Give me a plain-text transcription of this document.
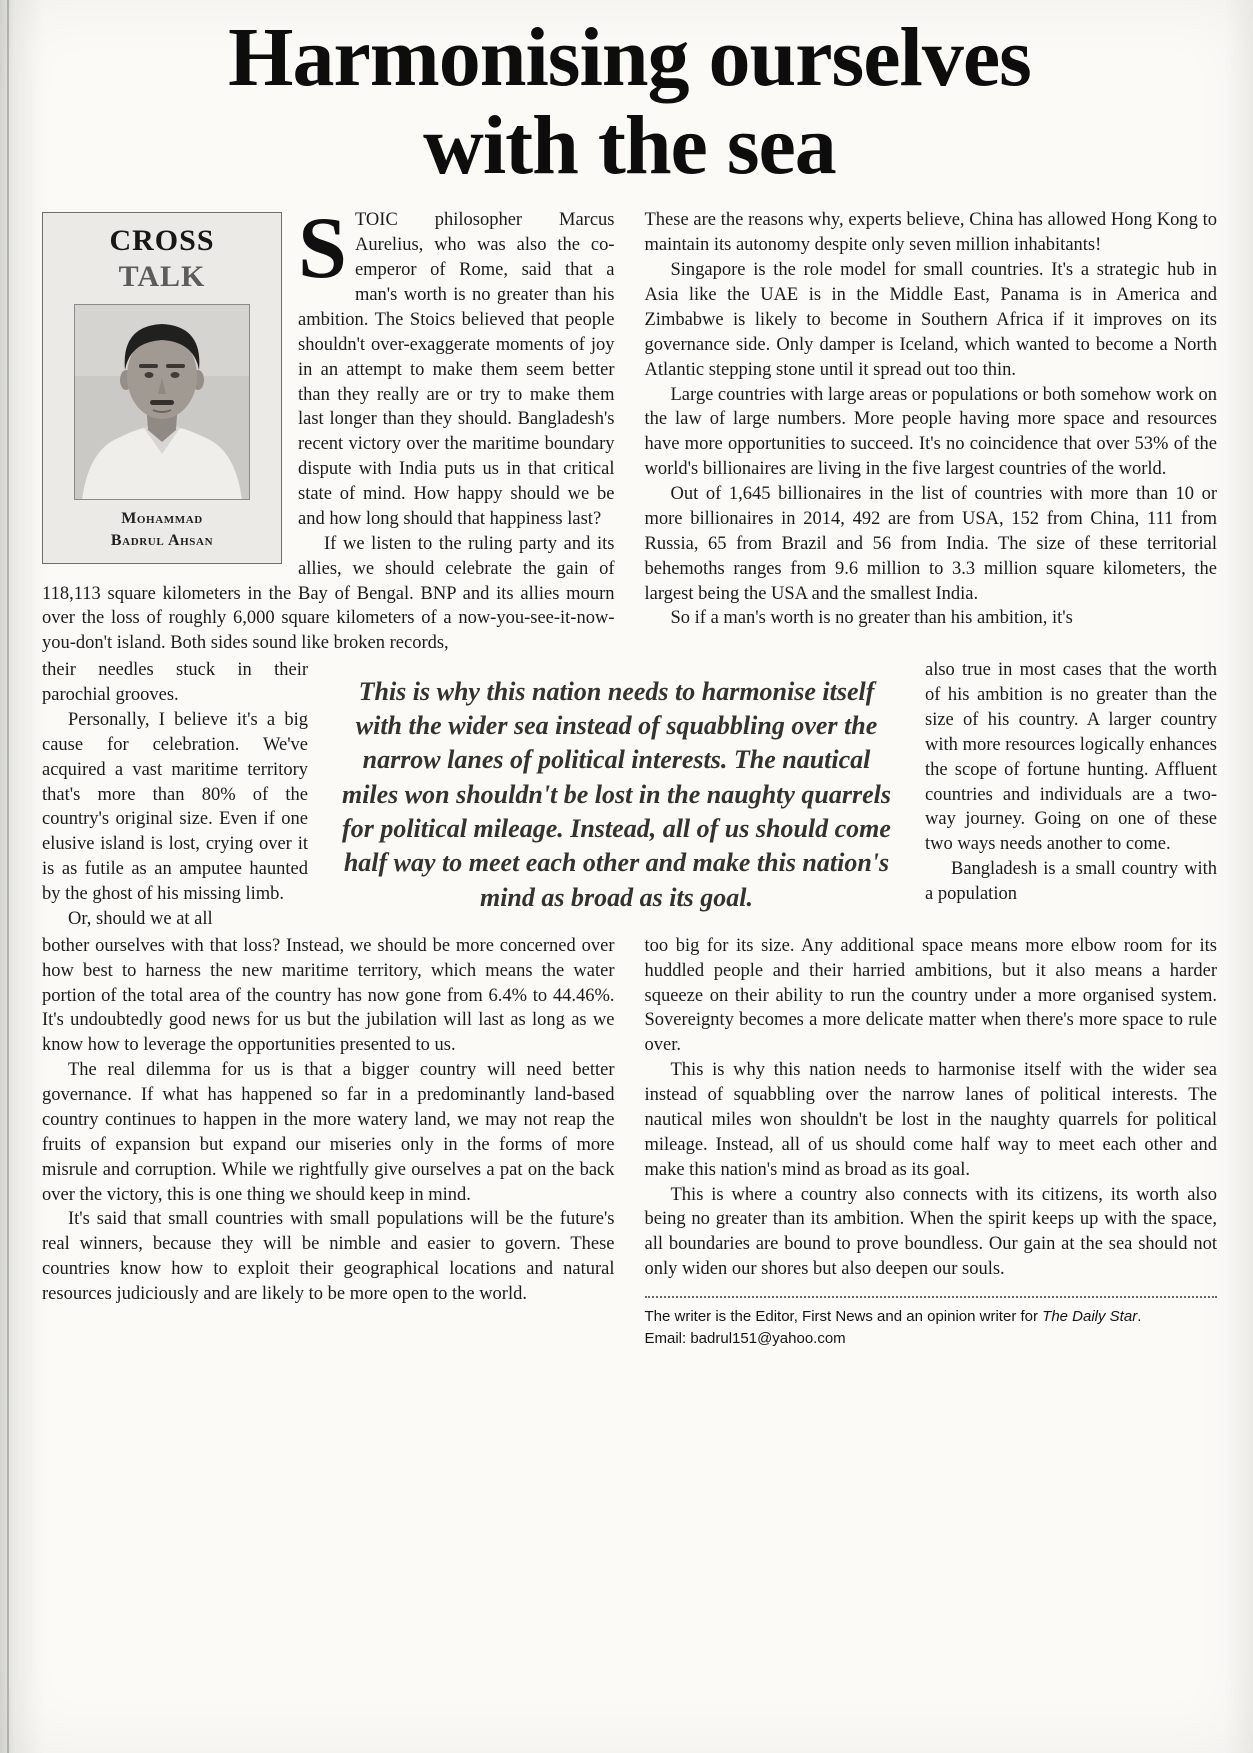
Harmonising ourselves
with the sea
CROSS
TALK
Mohammad
Badrul Ahsan

STOIC philosopher Marcus Aurelius, who was also the co-emperor of Rome, said that a man's worth is no greater than his ambition. The Stoics believed that people shouldn't over-exaggerate moments of joy in an attempt to make them seem better than they really are or try to make them last longer than they should. Bangladesh's recent victory over the maritime boundary dispute with India puts us in that critical state of mind. How happy should we be and how long should that happiness last?

If we listen to the ruling party and its allies, we should celebrate the gain of 118,113 square kilometers in the Bay of Bengal. BNP and its allies mourn over the loss of roughly 6,000 square kilometers of a now-you-see-it-now-you-don't island. Both sides sound like broken records,

These are the reasons why, experts believe, China has allowed Hong Kong to maintain its autonomy despite only seven million inhabitants!

Singapore is the role model for small countries. It's a strategic hub in Asia like the UAE is in the Middle East, Panama is in America and Zimbabwe is likely to become in Southern Africa if it improves on its governance side. Only damper is Iceland, which wanted to become a North Atlantic stepping stone until it spread out too thin.

Large countries with large areas or populations or both somehow work on the law of large numbers. More people having more space and resources have more opportunities to succeed. It's no coincidence that over 53% of the world's billionaires are living in the five largest countries of the world.

Out of 1,645 billionaires in the list of countries with more than 10 or more billionaires in 2014, 492 are from USA, 152 from China, 111 from Russia, 65 from Brazil and 56 from India. The size of these territorial behemoths ranges from 9.6 million to 3.3 million square kilometers, the largest being the USA and the smallest India.

So if a man's worth is no greater than his ambition, it's

their needles stuck in their parochial grooves.

Personally, I believe it's a big cause for celebration. We've acquired a vast maritime territory that's more than 80% of the country's original size. Even if one elusive island is lost, crying over it is as futile as an amputee haunted by the ghost of his missing limb.

Or, should we at all

This is why this nation needs to harmonise itself with the wider sea instead of squabbling over the narrow lanes of political interests. The nautical miles won shouldn't be lost in the naughty quarrels for political mileage. Instead, all of us should come half way to meet each other and make this nation's mind as broad as its goal.

also true in most cases that the worth of his ambition is no greater than the size of his country. A larger country with more resources logically enhances the scope of fortune hunting. Affluent countries and individuals are a two-way journey. Going on one of these two ways needs another to come.

Bangladesh is a small country with a population

bother ourselves with that loss? Instead, we should be more concerned over how best to harness the new maritime territory, which means the water portion of the total area of the country has now gone from 6.4% to 44.46%. It's undoubtedly good news for us but the jubilation will last as long as we know how to leverage the opportunities presented to us.

The real dilemma for us is that a bigger country will need better governance. If what has happened so far in a predominantly land-based country continues to happen in the more watery land, we may not reap the fruits of expansion but expand our miseries only in the forms of more misrule and corruption. While we rightfully give ourselves a pat on the back over the victory, this is one thing we should keep in mind.

It's said that small countries with small populations will be the future's real winners, because they will be nimble and easier to govern. These countries know how to exploit their geographical locations and natural resources judiciously and are likely to be more open to the world.

too big for its size. Any additional space means more elbow room for its huddled people and their harried ambitions, but it also means a harder squeeze on their ability to run the country under a more organised system. Sovereignty becomes a more delicate matter when there's more space to rule over.

This is why this nation needs to harmonise itself with the wider sea instead of squabbling over the narrow lanes of political interests. The nautical miles won shouldn't be lost in the naughty quarrels for political mileage. Instead, all of us should come half way to meet each other and make this nation's mind as broad as its goal.

This is where a country also connects with its citizens, its worth also being no greater than its ambition. When the spirit keeps up with the space, all boundaries are bound to prove boundless. Our gain at the sea should not only widen our shores but also deepen our souls.

The writer is the Editor, First News and an opinion writer for The Daily Star.

Email: badrul151@yahoo.com
